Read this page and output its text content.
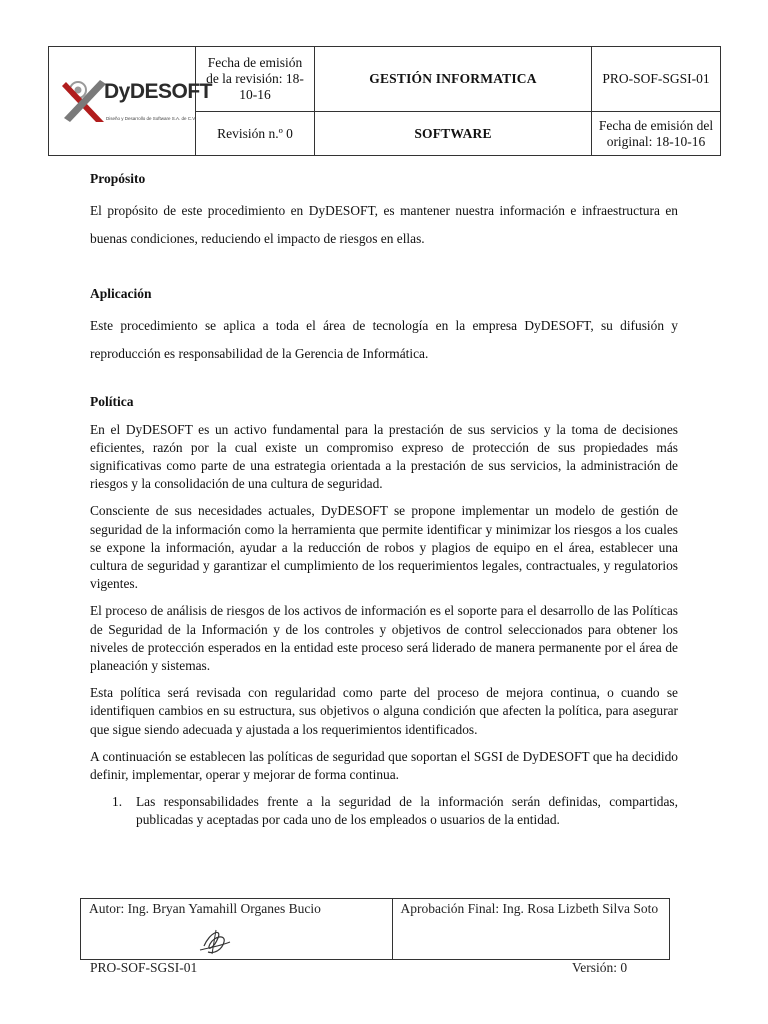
DyDESOFT
Diseño y Desarrollo de Software S.A. de C.V.	Fecha de emisión de la revisión: 18-10-16	GESTIÓN INFORMATICA	PRO-SOF-SGSI-01
	Revisión n.º 0	SOFTWARE	Fecha de emisión del original: 18-10-16
Propósito

El propósito de este procedimiento en DyDESOFT, es mantener nuestra información e infraestructura en buenas condiciones, reduciendo el impacto de riesgos en ellas.

Aplicación

Este procedimiento se aplica a toda el área de tecnología en la empresa DyDESOFT, su difusión y reproducción es responsabilidad de la Gerencia de Informática.

Política

En el DyDESOFT es un activo fundamental para la prestación de sus servicios y la toma de decisiones eficientes, razón por la cual existe un compromiso expreso de protección de sus propiedades más significativas como parte de una estrategia orientada a la prestación de sus servicios, la administración de riesgos y la consolidación de una cultura de seguridad.

Consciente de sus necesidades actuales, DyDESOFT se propone implementar un modelo de gestión de seguridad de la información como la herramienta que permite identificar y minimizar los riesgos a los cuales se expone la información, ayudar a la reducción de robos y plagios de equipo en el área, establecer una cultura de seguridad y garantizar el cumplimiento de los requerimientos legales, contractuales, y regulatorios vigentes.

El proceso de análisis de riesgos de los activos de información es el soporte para el desarrollo de las Políticas de Seguridad de la Información y de los controles y objetivos de control seleccionados para obtener los niveles de protección esperados en la entidad este proceso será liderado de manera permanente por el área de planeación y sistemas.

Esta política será revisada con regularidad como parte del proceso de mejora continua, o cuando se identifiquen cambios en su estructura, sus objetivos o alguna condición que afecten la política, para asegurar que sigue siendo adecuada y ajustada a los requerimientos identificados.

A continuación se establecen las políticas de seguridad que soportan el SGSI de DyDESOFT que ha decidido definir, implementar, operar y mejorar de forma continua.

1. Las responsabilidades frente a la seguridad de la información serán definidas, compartidas, publicadas y aceptadas por cada uno de los empleados o usuarios de la entidad.
Autor: Ing. Bryan Yamahill Organes Bucio	Aprobación Final: Ing. Rosa Lizbeth Silva Soto
PRO-SOF-SGSI-01	Versión: 0
